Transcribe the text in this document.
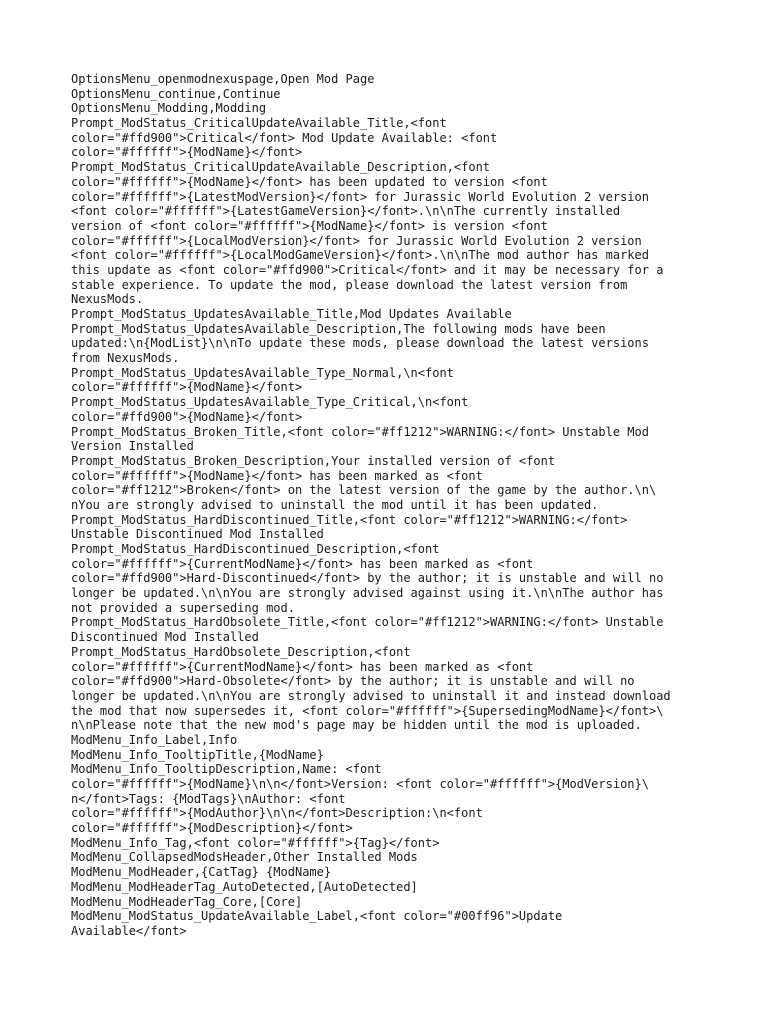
OptionsMenu_openmodnexuspage,Open Mod Page
OptionsMenu_continue,Continue
OptionsMenu_Modding,Modding
Prompt_ModStatus_CriticalUpdateAvailable_Title,<font
color="#ffd900">Critical</font> Mod Update Available: <font
color="#ffffff">{ModName}</font>
Prompt_ModStatus_CriticalUpdateAvailable_Description,<font
color="#ffffff">{ModName}</font> has been updated to version <font
color="#ffffff">{LatestModVersion}</font> for Jurassic World Evolution 2 version
<font color="#ffffff">{LatestGameVersion}</font>.\n\nThe currently installed
version of <font color="#ffffff">{ModName}</font> is version <font
color="#ffffff">{LocalModVersion}</font> for Jurassic World Evolution 2 version
<font color="#ffffff">{LocalModGameVersion}</font>.\n\nThe mod author has marked
this update as <font color="#ffd900">Critical</font> and it may be necessary for a
stable experience. To update the mod, please download the latest version from
NexusMods.
Prompt_ModStatus_UpdatesAvailable_Title,Mod Updates Available
Prompt_ModStatus_UpdatesAvailable_Description,The following mods have been
updated:\n{ModList}\n\nTo update these mods, please download the latest versions
from NexusMods.
Prompt_ModStatus_UpdatesAvailable_Type_Normal,\n<font
color="#ffffff">{ModName}</font>
Prompt_ModStatus_UpdatesAvailable_Type_Critical,\n<font
color="#ffd900">{ModName}</font>
Prompt_ModStatus_Broken_Title,<font color="#ff1212">WARNING:</font> Unstable Mod
Version Installed
Prompt_ModStatus_Broken_Description,Your installed version of <font
color="#ffffff">{ModName}</font> has been marked as <font
color="#ff1212">Broken</font> on the latest version of the game by the author.\n\
nYou are strongly advised to uninstall the mod until it has been updated.
Prompt_ModStatus_HardDiscontinued_Title,<font color="#ff1212">WARNING:</font>
Unstable Discontinued Mod Installed
Prompt_ModStatus_HardDiscontinued_Description,<font
color="#ffffff">{CurrentModName}</font> has been marked as <font
color="#ffd900">Hard-Discontinued</font> by the author; it is unstable and will no
longer be updated.\n\nYou are strongly advised against using it.\n\nThe author has
not provided a superseding mod.
Prompt_ModStatus_HardObsolete_Title,<font color="#ff1212">WARNING:</font> Unstable
Discontinued Mod Installed
Prompt_ModStatus_HardObsolete_Description,<font
color="#ffffff">{CurrentModName}</font> has been marked as <font
color="#ffd900">Hard-Obsolete</font> by the author; it is unstable and will no
longer be updated.\n\nYou are strongly advised to uninstall it and instead download
the mod that now supersedes it, <font color="#ffffff">{SupersedingModName}</font>\
n\nPlease note that the new mod's page may be hidden until the mod is uploaded.
ModMenu_Info_Label,Info
ModMenu_Info_TooltipTitle,{ModName}
ModMenu_Info_TooltipDescription,Name: <font
color="#ffffff">{ModName}\n\n</font>Version: <font color="#ffffff">{ModVersion}\
n</font>Tags: {ModTags}\nAuthor: <font
color="#ffffff">{ModAuthor}\n\n</font>Description:\n<font
color="#ffffff">{ModDescription}</font>
ModMenu_Info_Tag,<font color="#ffffff">{Tag}</font>
ModMenu_CollapsedModsHeader,Other Installed Mods
ModMenu_ModHeader,{CatTag} {ModName}
ModMenu_ModHeaderTag_AutoDetected,[AutoDetected]
ModMenu_ModHeaderTag_Core,[Core]
ModMenu_ModStatus_UpdateAvailable_Label,<font color="#00ff96">Update
Available</font>
